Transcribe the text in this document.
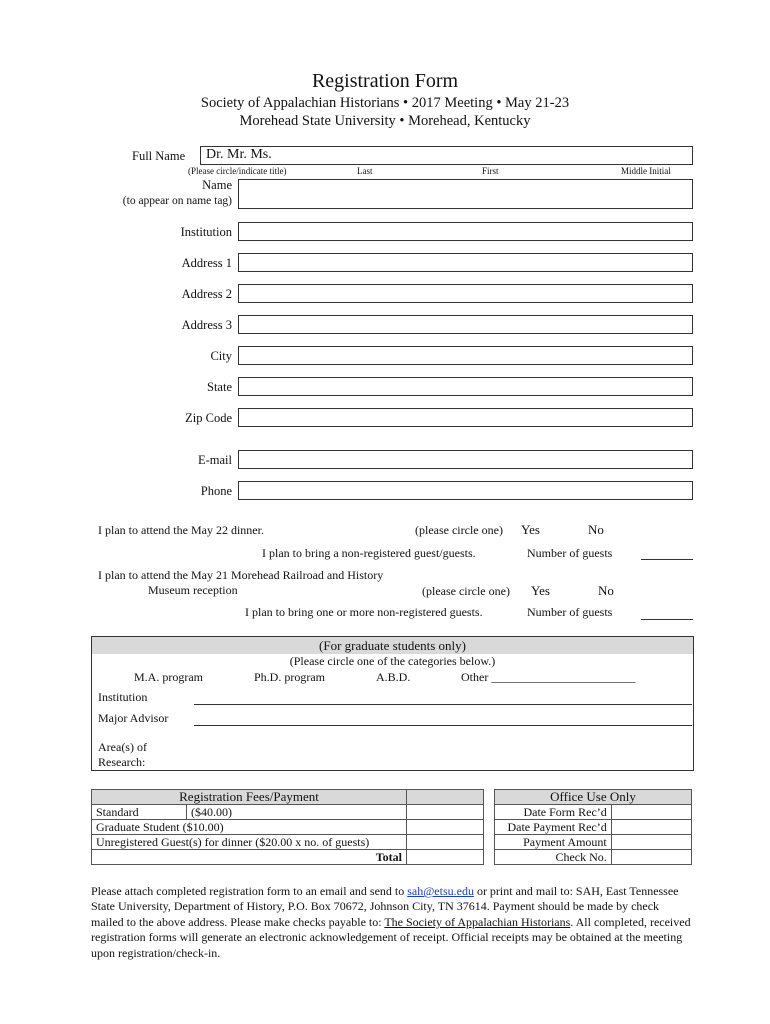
Registration Form
Society of Appalachian Historians • 2017 Meeting • May 21-23
Morehead State University • Morehead, Kentucky
Full Name Dr. Mr. Ms.
(Please circle/indicate title)	Last	First	Middle Initial
Name
(to appear on name tag)
Institution
Address 1
Address 2
Address 3
City
State
Zip Code
E-mail
Phone
I plan to attend the May 22 dinner.	(please circle one) Yes	No
I plan to bring a non-registered guest/guests.	Number of guests
I plan to attend the May 21 Morehead Railroad and History
Museum reception	(please circle one) Yes	No
I plan to bring one or more non-registered guests.	Number of guests
(For graduate students only)
(Please circle one of the categories below.)
M.A. program	Ph.D. program	A.B.D.	Other ________________________
Institution
Major Advisor
Area(s) of
Research:
Registration Fees/Payment		
Standard	($40.00)	
Graduate Student ($10.00)		
Unregistered Guest(s) for dinner ($20.00 x no. of guests)		
Total		
Office Use Only	
Date Form Rec’d	
Date Payment Rec’d	
Payment Amount	
Check No.	
Please attach completed registration form to an email and send to sah@etsu.edu or print and mail to: SAH, East Tennessee State University, Department of History, P.O. Box 70672, Johnson City, TN 37614. Payment should be made by check mailed to the above address. Please make checks payable to: The Society of Appalachian Historians. All completed, received registration forms will generate an electronic acknowledgement of receipt. Official receipts may be obtained at the meeting upon registration/check-in.
